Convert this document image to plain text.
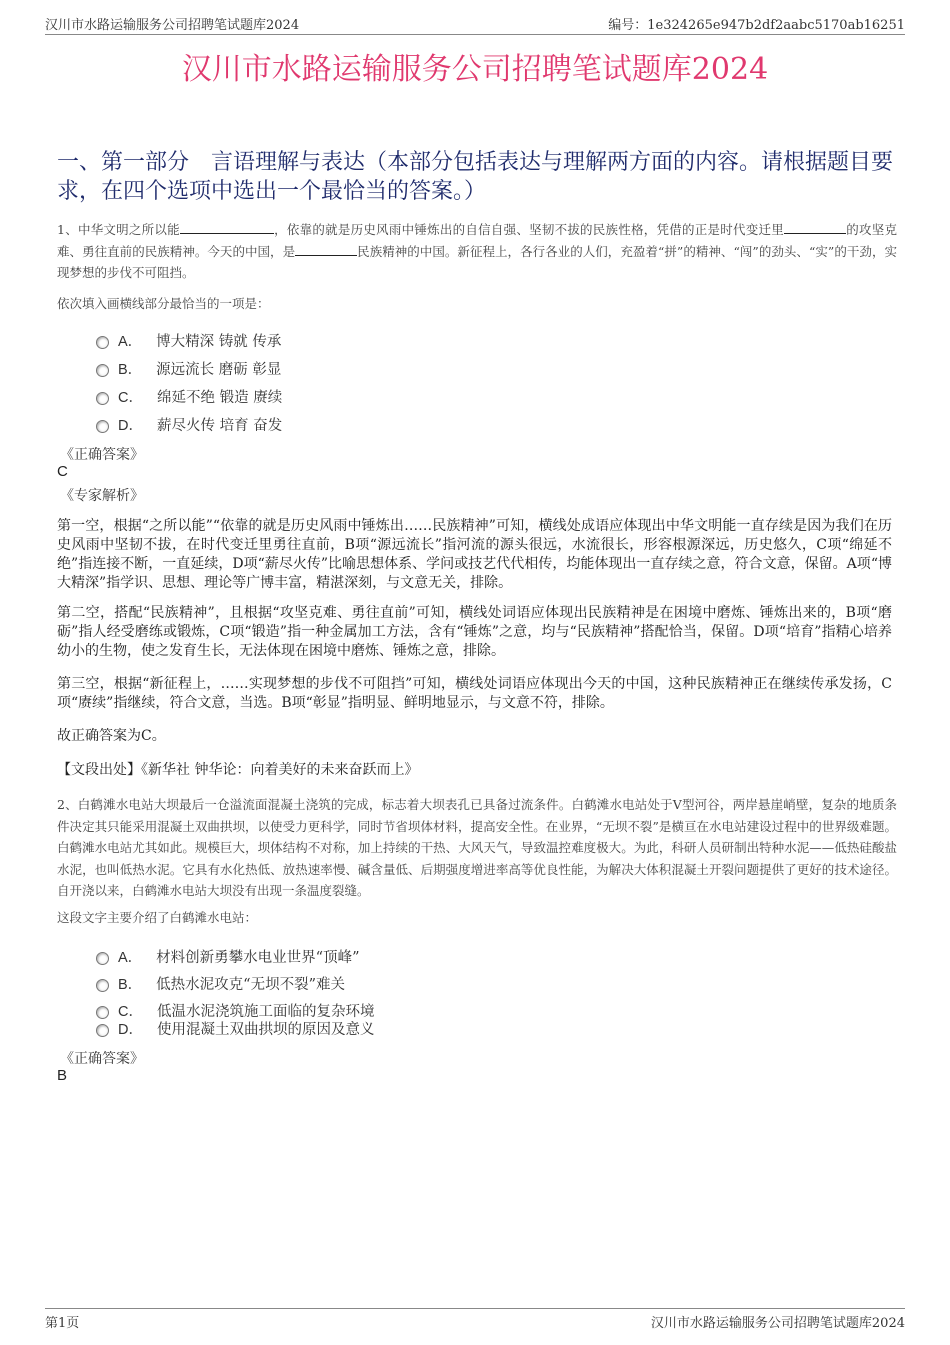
汉川市水路运输服务公司招聘笔试题库2024	编号：1e324265e947b2df2aabc5170ab16251
汉川市水路运输服务公司招聘笔试题库2024
一、第一部分　言语理解与表达（本部分包括表达与理解两方面的内容。请根据题目要求，在四个选项中选出一个最恰当的答案。）
1、中华文明之所以能	，依靠的就是历史风雨中锤炼出的自信自强、坚韧不拔的民族性格，凭借的正是时代变迁里	的攻坚克难、勇往直前的民族精神。今天的中国，是	民族精神的中国。新征程上，各行各业的人们，充盈着“拼”的精神、“闯”的劲头、“实”的干劲，实现梦想的步伐不可阻挡。
依次填入画横线部分最恰当的一项是：
A． 博大精深 铸就 传承
B． 源远流长 磨砺 彰显
C． 绵延不绝 锻造 赓续
D． 薪尽火传 培育 奋发
《正确答案》
C
《专家解析》
第一空，根据“之所以能”“依靠的就是历史风雨中锤炼出……民族精神”可知，横线处成语应体现出中华文明能一直存续是因为我们在历史风雨中坚韧不拔，在时代变迁里勇往直前，B项“源远流长”指河流的源头很远，水流很长，形容根源深远，历史悠久，C项“绵延不绝”指连接不断，一直延续，D项“薪尽火传”比喻思想体系、学问或技艺代代相传，均能体现出一直存续之意，符合文意，保留。A项“博大精深”指学识、思想、理论等广博丰富，精湛深刻，与文意无关，排除。
第二空，搭配“民族精神”，且根据“攻坚克难、勇往直前”可知，横线处词语应体现出民族精神是在困境中磨炼、锤炼出来的，B项“磨砺”指人经受磨练或锻炼，C项“锻造”指一种金属加工方法，含有“锤炼”之意，均与“民族精神”搭配恰当，保留。D项“培育”指精心培养幼小的生物，使之发育生长，无法体现在困境中磨炼、锤炼之意，排除。
第三空，根据“新征程上，……实现梦想的步伐不可阻挡”可知，横线处词语应体现出今天的中国，这种民族精神正在继续传承发扬，C项“赓续”指继续，符合文意，当选。B项“彰显”指明显、鲜明地显示，与文意不符，排除。
故正确答案为C。
【文段出处】《新华社 钟华论：向着美好的未来奋跃而上》
2、白鹤滩水电站大坝最后一仓溢流面混凝土浇筑的完成，标志着大坝表孔已具备过流条件。白鹤滩水电站处于V型河谷，两岸悬崖峭壁，复杂的地质条件决定其只能采用混凝土双曲拱坝，以使受力更科学，同时节省坝体材料，提高安全性。在业界，“无坝不裂”是横亘在水电站建设过程中的世界级难题。白鹤滩水电站尤其如此。规模巨大，坝体结构不对称，加上持续的干热、大风天气，导致温控难度极大。为此，科研人员研制出特种水泥——低热硅酸盐水泥，也叫低热水泥。它具有水化热低、放热速率慢、碱含量低、后期强度增进率高等优良性能，为解决大体积混凝土开裂问题提供了更好的技术途径。自开浇以来，白鹤滩水电站大坝没有出现一条温度裂缝。
这段文字主要介绍了白鹤滩水电站：
A． 材料创新勇攀水电业世界“顶峰”
B． 低热水泥攻克“无坝不裂”难关
C． 低温水泥浇筑施工面临的复杂环境
D． 使用混凝土双曲拱坝的原因及意义
《正确答案》
B
第1页	汉川市水路运输服务公司招聘笔试题库2024
